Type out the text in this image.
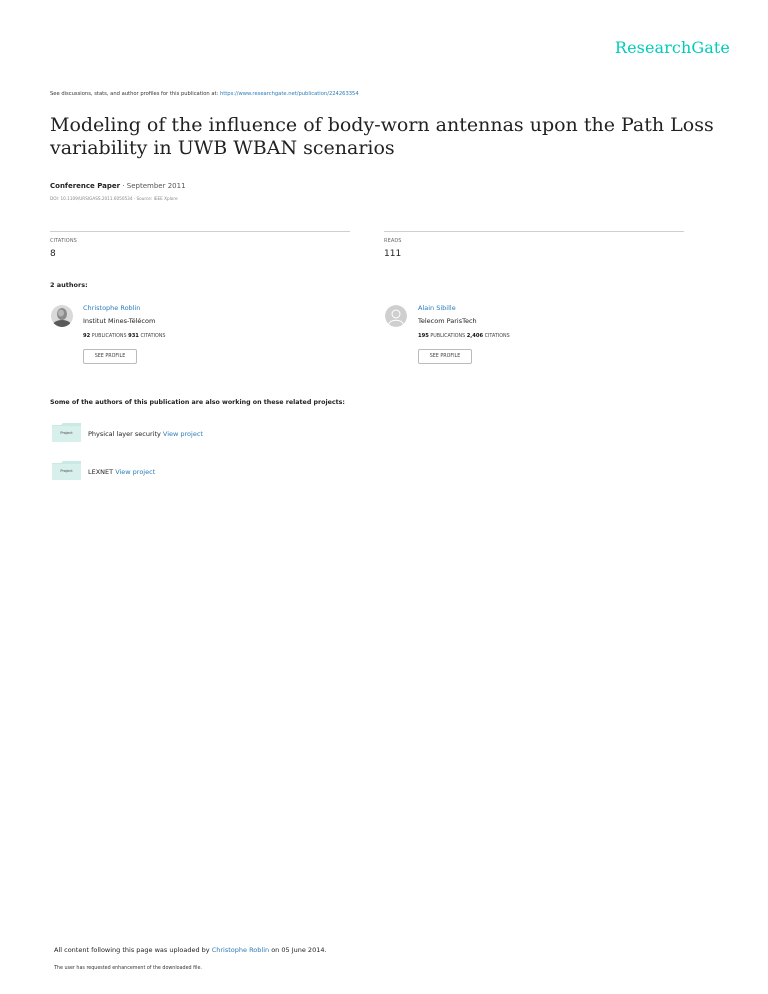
ResearchGate
See discussions, stats, and author profiles for this publication at: https://www.researchgate.net/publication/224263354
Modeling of the influence of body-worn antennas upon the Path Loss variability in UWB WBAN scenarios
Conference Paper · September 2011
DOI: 10.1109/URSIGASS.2011.6050534 · Source: IEEE Xplore
CITATIONS
8
READS
111
2 authors:
Christophe Roblin
Institut Mines-Télécom
92 PUBLICATIONS 931 CITATIONS
SEE PROFILE
Alain Sibille
Telecom ParisTech
195 PUBLICATIONS 2,406 CITATIONS
SEE PROFILE
Some of the authors of this publication are also working on these related projects:
Project	Physical layer security View project
Project	LEXNET View project
All content following this page was uploaded by Christophe Roblin on 05 June 2014.
The user has requested enhancement of the downloaded file.
